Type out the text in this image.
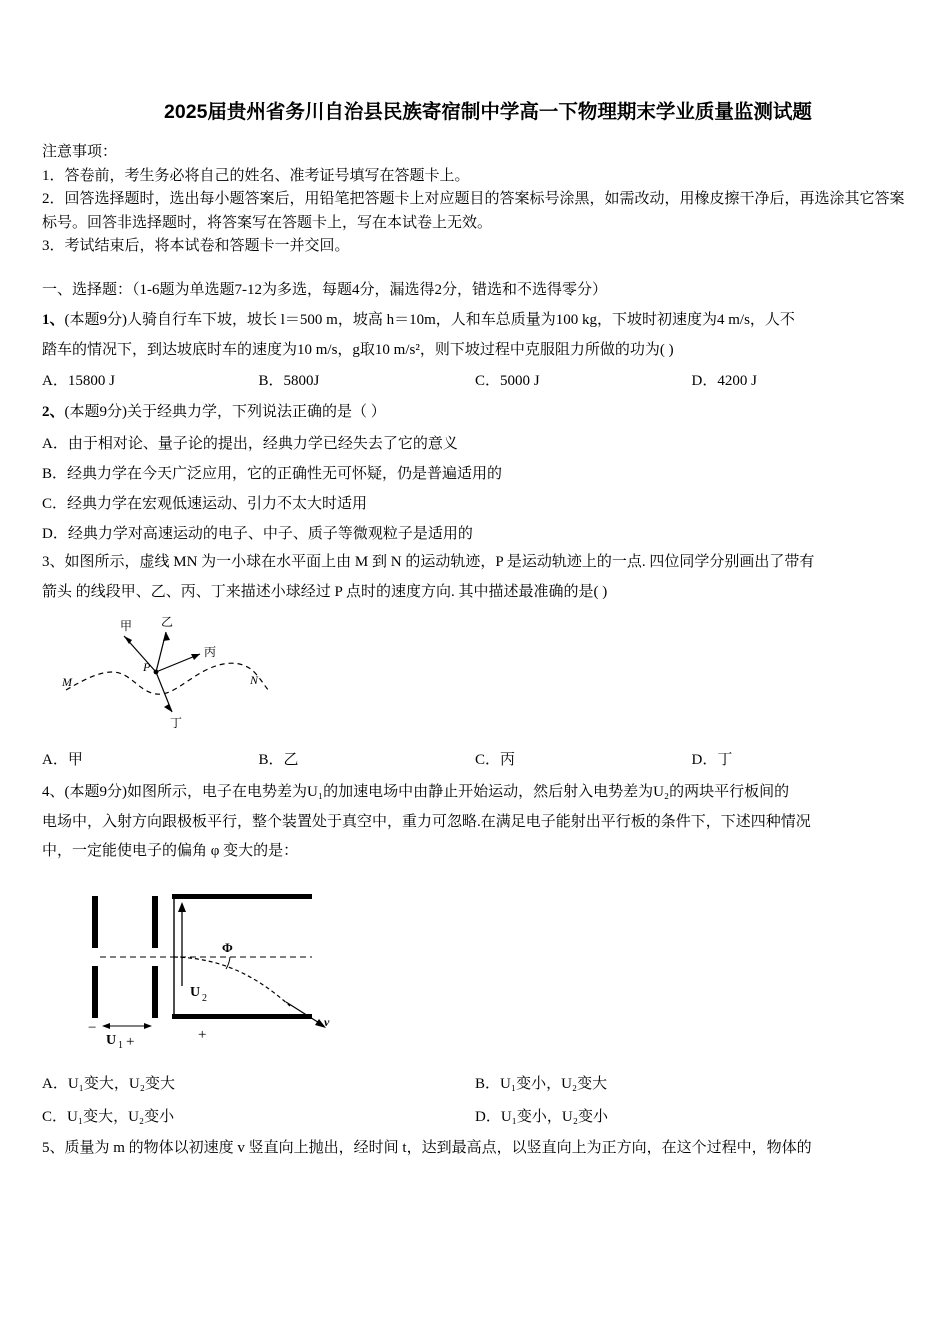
2025届贵州省务川自治县民族寄宿制中学高一下物理期末学业质量监测试题
注意事项：
1．答卷前，考生务必将自己的姓名、准考证号填写在答题卡上。
2．回答选择题时，选出每小题答案后，用铅笔把答题卡上对应题目的答案标号涂黑，如需改动，用橡皮擦干净后，再选涂其它答案标号。回答非选择题时，将答案写在答题卡上，写在本试卷上无效。
3．考试结束后，将本试卷和答题卡一并交回。
一、选择题：（1-6题为单选题7-12为多选，每题4分，漏选得2分，错选和不选得零分）
1、(本题9分)人骑自行车下坡，坡长 l＝500 m，坡高 h＝10m，人和车总质量为100 kg，下坡时初速度为4 m/s，人不
踏车的情况下，到达坡底时车的速度为10 m/s，g取10 m/s²，则下坡过程中克服阻力所做的功为( )
A．15800 J	B．5800J	C．5000 J	D．4200 J
2、(本题9分)关于经典力学，下列说法正确的是（ ）
A．由于相对论、量子论的提出，经典力学已经失去了它的意义
B．经典力学在今天广泛应用，它的正确性无可怀疑，仍是普遍适用的
C．经典力学在宏观低速运动、引力不太大时适用
D．经典力学对高速运动的电子、中子、质子等微观粒子是适用的
3、如图所示，虚线 MN 为一小球在水平面上由 M 到 N 的运动轨迹，P 是运动轨迹上的一点. 四位同学分别画出了带有
箭头 的线段甲、乙、丙、丁来描述小球经过 P 点时的速度方向. 其中描述最准确的是( )
P
甲 乙
丙
丁
M	N
A．甲	B．乙	C．丙	D．丁
4、(本题9分)如图所示，电子在电势差为U₁的加速电场中由静止开始运动，然后射入电势差为U₂的两块平行板间的
电场中，入射方向跟极板平行，整个装置处于真空中，重力可忽略.在满足电子能射出平行板的条件下，下述四种情况
中，一定能使电子的偏角 φ 变大的是：
v
Φ
U 1
−
+
U 2
+
A．U₁变大，U₂变大	B．U₁变小，U₂变大
C．U₁变大，U₂变小	D．U₁变小，U₂变小
5、质量为 m 的物体以初速度 v 竖直向上抛出，经时间 t，达到最高点，以竖直向上为正方向，在这个过程中，物体的
